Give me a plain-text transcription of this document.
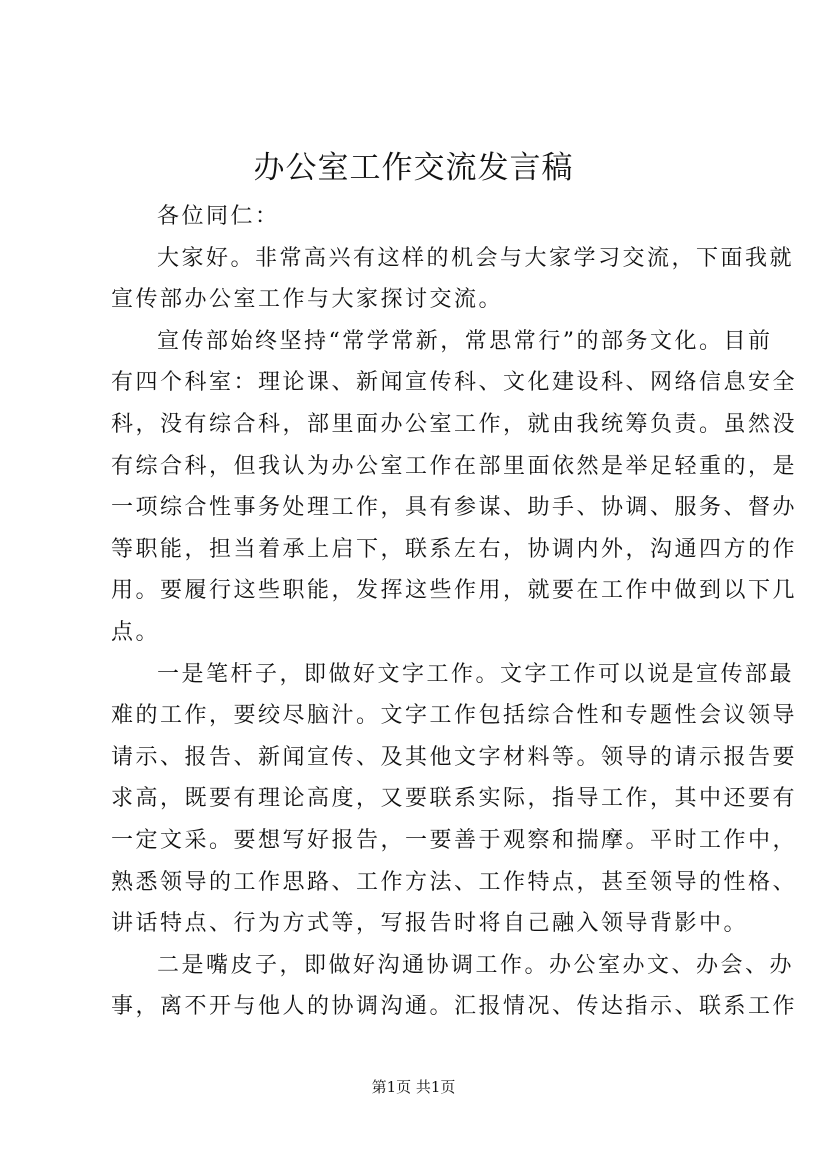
办公室工作交流发言稿
各位同仁：
大家好。非常高兴有这样的机会与大家学习交流，下面我就
宣传部办公室工作与大家探讨交流。
宣传部始终坚持“常学常新，常思常行”的部务文化。目前
有四个科室：理论课、新闻宣传科、文化建设科、网络信息安全
科，没有综合科，部里面办公室工作，就由我统筹负责。虽然没
有综合科，但我认为办公室工作在部里面依然是举足轻重的，是
一项综合性事务处理工作，具有参谋、助手、协调、服务、督办
等职能，担当着承上启下，联系左右，协调内外，沟通四方的作
用。要履行这些职能，发挥这些作用，就要在工作中做到以下几
点。
一是笔杆子，即做好文字工作。文字工作可以说是宣传部最
难的工作，要绞尽脑汁。文字工作包括综合性和专题性会议领导
请示、报告、新闻宣传、及其他文字材料等。领导的请示报告要
求高，既要有理论高度，又要联系实际，指导工作，其中还要有
一定文采。要想写好报告，一要善于观察和揣摩。平时工作中，
熟悉领导的工作思路、工作方法、工作特点，甚至领导的性格、
讲话特点、行为方式等，写报告时将自己融入领导背影中。
二是嘴皮子，即做好沟通协调工作。办公室办文、办会、办
事，离不开与他人的协调沟通。汇报情况、传达指示、联系工作
第1页 共1页
